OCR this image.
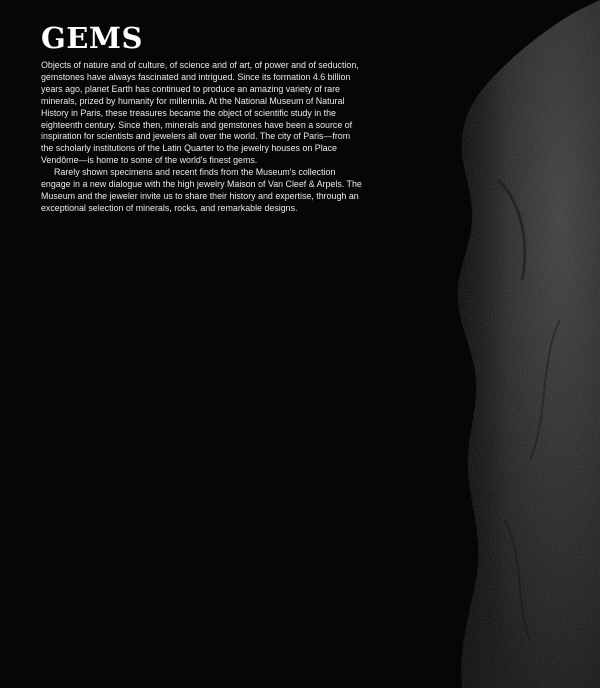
GEMS

Objects of nature and of culture, of science and of art, of power and of seduction, gemstones have always fascinated and intrigued. Since its formation 4.6 billion years ago, planet Earth has continued to produce an amazing variety of rare minerals, prized by humanity for millennia. At the National Museum of Natural History in Paris, these treasures became the object of scientific study in the eighteenth century. Since then, minerals and gemstones have been a source of inspiration for scientists and jewelers all over the world. The city of Paris—from the scholarly institutions of the Latin Quarter to the jewelry houses on Place Vendôme—is home to some of the world's finest gems.

Rarely shown specimens and recent finds from the Museum's collection engage in a new dialogue with the high jewelry Maison of Van Cleef & Arpels. The Museum and the jeweler invite us to share their history and expertise, through an exceptional selection of minerals, rocks, and remarkable designs.
